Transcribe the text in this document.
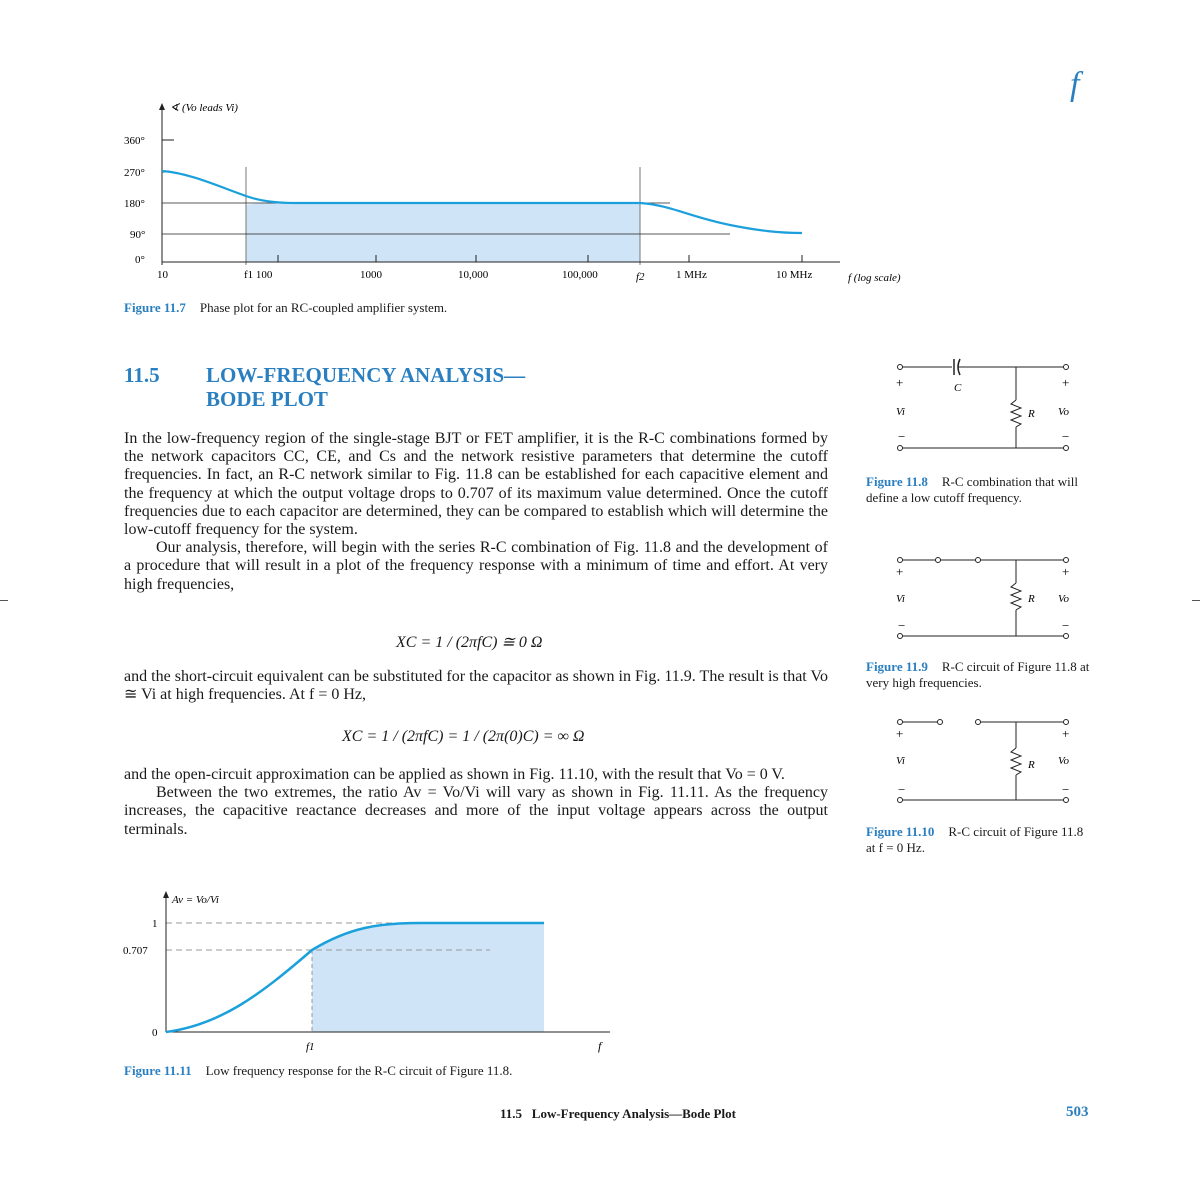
f
360°
270°
180°
90°
0°
∢ (Vo leads Vi)
10	f1 100	1000	10,000	100,000	f2	1 MHz	10 MHz	f (log scale)
Figure 11.7 Phase plot for an RC-coupled amplifier system.
11.5 LOW-FREQUENCY ANALYSIS—
BODE PLOT

In the low-frequency region of the single-stage BJT or FET amplifier, it is the R-C combinations formed by the network capacitors CC, CE, and Cs and the network resistive parameters that determine the cutoff frequencies. In fact, an R-C network similar to Fig. 11.8 can be established for each capacitive element and the frequency at which the output voltage drops to 0.707 of its maximum value determined. Once the cutoff frequencies due to each capacitor are determined, they can be compared to establish which will determine the low-cutoff frequency for the system.

Our analysis, therefore, will begin with the series R-C combination of Fig. 11.8 and the development of a procedure that will result in a plot of the frequency response with a minimum of time and effort. At very high frequencies,

XC = 1 / (2πfC) ≅ 0 Ω

and the short-circuit equivalent can be substituted for the capacitor as shown in Fig. 11.9. The result is that Vo ≅ Vi at high frequencies. At f = 0 Hz,

XC = 1 / (2πfC) = 1 / (2π(0)C) = ∞ Ω

and the open-circuit approximation can be applied as shown in Fig. 11.10, with the result that Vo = 0 V.

Between the two extremes, the ratio Av = Vo/Vi will vary as shown in Fig. 11.11. As the frequency increases, the capacitive reactance decreases and more of the input voltage appears across the output terminals.

C
R
+
Vi
−
+
Vo
−
Figure 11.8 R-C combination that will define a low cutoff frequency.
R
+
Vi
−
+
Vo
−
Figure 11.9 R-C circuit of Figure 11.8 at very high frequencies.
R
+
Vi
−
+
Vo
−
Figure 11.10 R-C circuit of Figure 11.8 at f = 0 Hz.
Av = Vo/Vi
1
0.707
0
f1	f
Figure 11.11 Low frequency response for the R-C circuit of Figure 11.8.
11.5   Low-Frequency Analysis—Bode Plot	503
